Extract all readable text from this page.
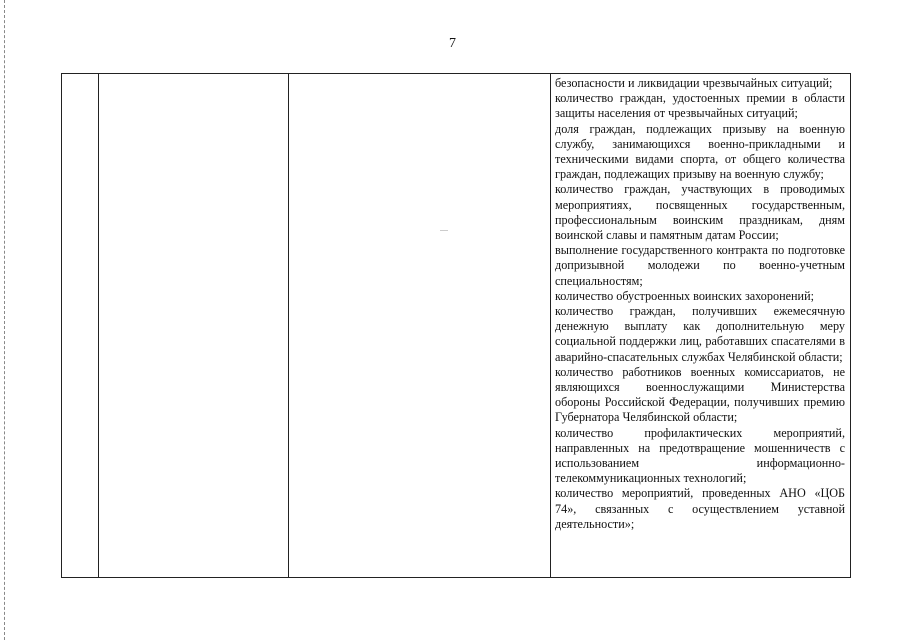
7

безопасности и ликвидации чрезвычайных ситуаций;

количество граждан, удостоенных премии в области защиты населения от чрезвычайных ситуаций;

доля граждан, подлежащих призыву на военную службу, занимающихся военно-прикладными и техническими видами спорта, от общего количества граждан, подлежащих призыву на военную службу;

количество граждан, участвующих в проводимых мероприятиях, посвященных государственным, профессиональным воинским праздникам, дням воинской славы и памятным датам России;

выполнение государственного контракта по подготовке допризывной молодежи по военно-учетным специальностям;

количество обустроенных воинских захоронений;

количество граждан, получивших ежемесячную денежную выплату как дополнительную меру социальной поддержки лиц, работавших спасателями в аварийно-спасательных службах Челябинской области;

количество работников военных комиссариатов, не являющихся военнослужащими Министерства обороны Российской Федерации, получивших премию Губернатора Челябинской области;

количество профилактических мероприятий, направленных на предотвращение мошенничеств с использованием информационно-телекоммуникационных технологий;

количество мероприятий, проведенных АНО «ЦОБ 74», связанных с осуществлением уставной деятельности»;
